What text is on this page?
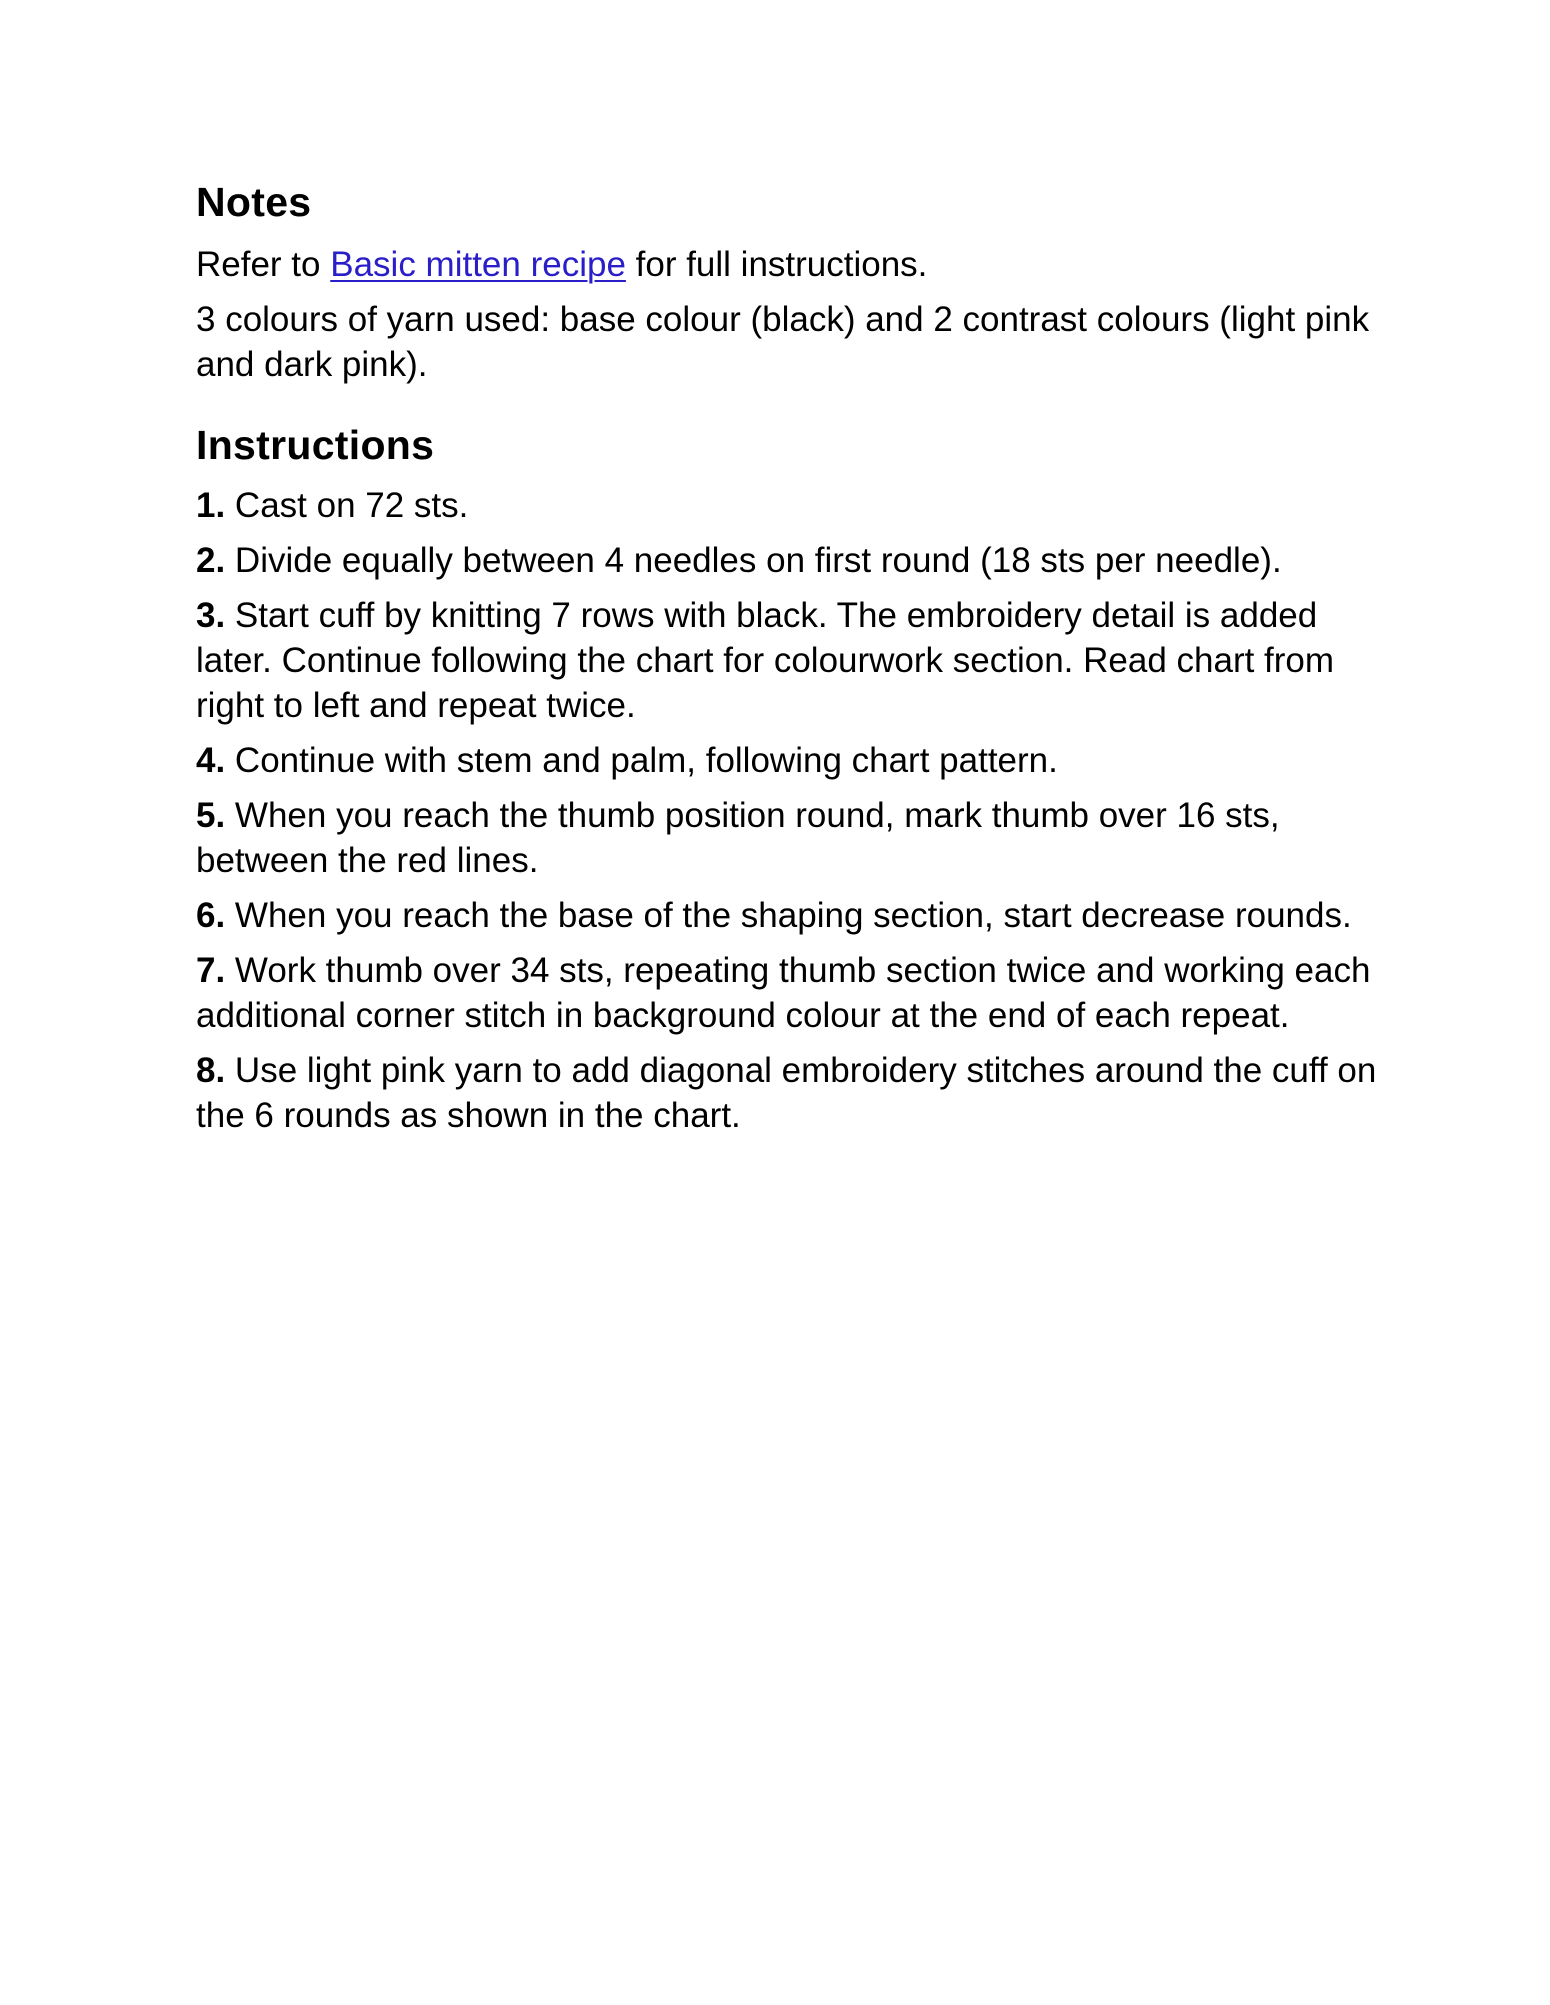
Notes

Refer to Basic mitten recipe for full instructions.

3 colours of yarn used: base colour (black) and 2 contrast colours (light pink and dark pink).

Instructions

1. Cast on 72 sts.

2. Divide equally between 4 needles on first round (18 sts per needle).

3. Start cuff by knitting 7 rows with black. The embroidery detail is added later. Continue following the chart for colourwork section. Read chart from right to left and repeat twice.

4. Continue with stem and palm, following chart pattern.

5. When you reach the thumb position round, mark thumb over 16 sts, between the red lines.

6. When you reach the base of the shaping section, start decrease rounds.

7. Work thumb over 34 sts, repeating thumb section twice and working each additional corner stitch in background colour at the end of each repeat.

8. Use light pink yarn to add diagonal embroidery stitches around the cuff on the 6 rounds as shown in the chart.
